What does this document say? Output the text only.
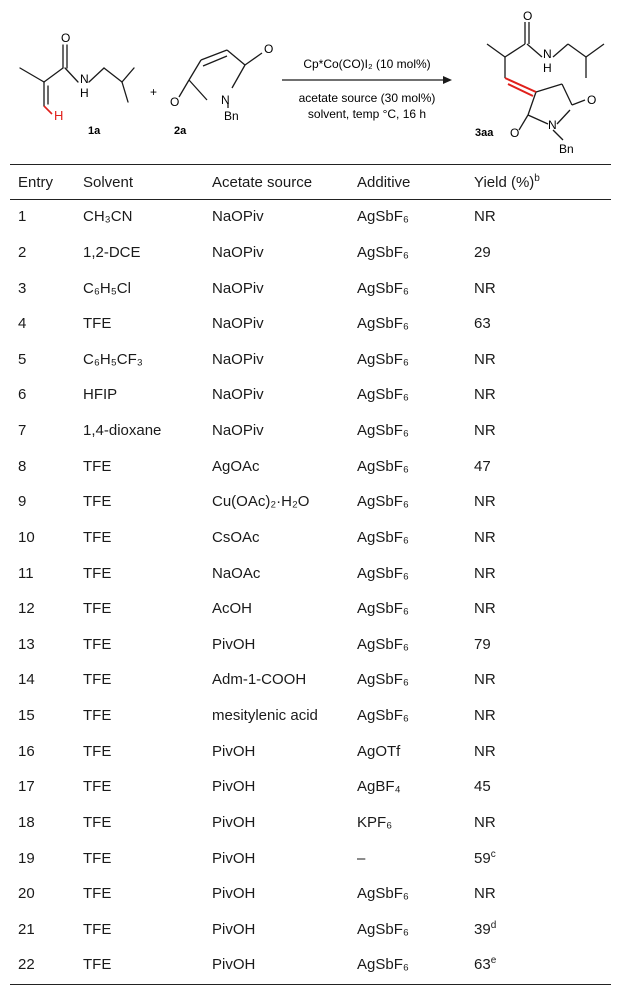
O
N
H
H
1a
+
O
O	N
Bn
2a
Cp*Co(CO)I₂ (10 mol%)
acetate source (30 mol%)
solvent, temp °C, 16 h
O
N
H
O
O
N
Bn
3aa
Entry	Solvent	Acetate source	Additive	Yield (%)$^b$
1	CH₃CN	NaOPiv	AgSbF₆	NR
2	1,2-DCE	NaOPiv	AgSbF₆	29
3	C₆H₅Cl	NaOPiv	AgSbF₆	NR
4	TFE	NaOPiv	AgSbF₆	63
5	C₆H₅CF₃	NaOPiv	AgSbF₆	NR
6	HFIP	NaOPiv	AgSbF₆	NR
7	1,4-dioxane	NaOPiv	AgSbF₆	NR
8	TFE	AgOAc	AgSbF₆	47
9	TFE	Cu(OAc)₂·H₂O	AgSbF₆	NR
10	TFE	CsOAc	AgSbF₆	NR
11	TFE	NaOAc	AgSbF₆	NR
12	TFE	AcOH	AgSbF₆	NR
13	TFE	PivOH	AgSbF₆	79
14	TFE	Adm-1-COOH	AgSbF₆	NR
15	TFE	mesitylenic acid	AgSbF₆	NR
16	TFE	PivOH	AgOTf	NR
17	TFE	PivOH	AgBF₄	45
18	TFE	PivOH	KPF₆	NR
19	TFE	PivOH	–	59$^c$
20	TFE	PivOH	AgSbF₆	NR
21	TFE	PivOH	AgSbF₆	39$^d$
22	TFE	PivOH	AgSbF₆	63e
